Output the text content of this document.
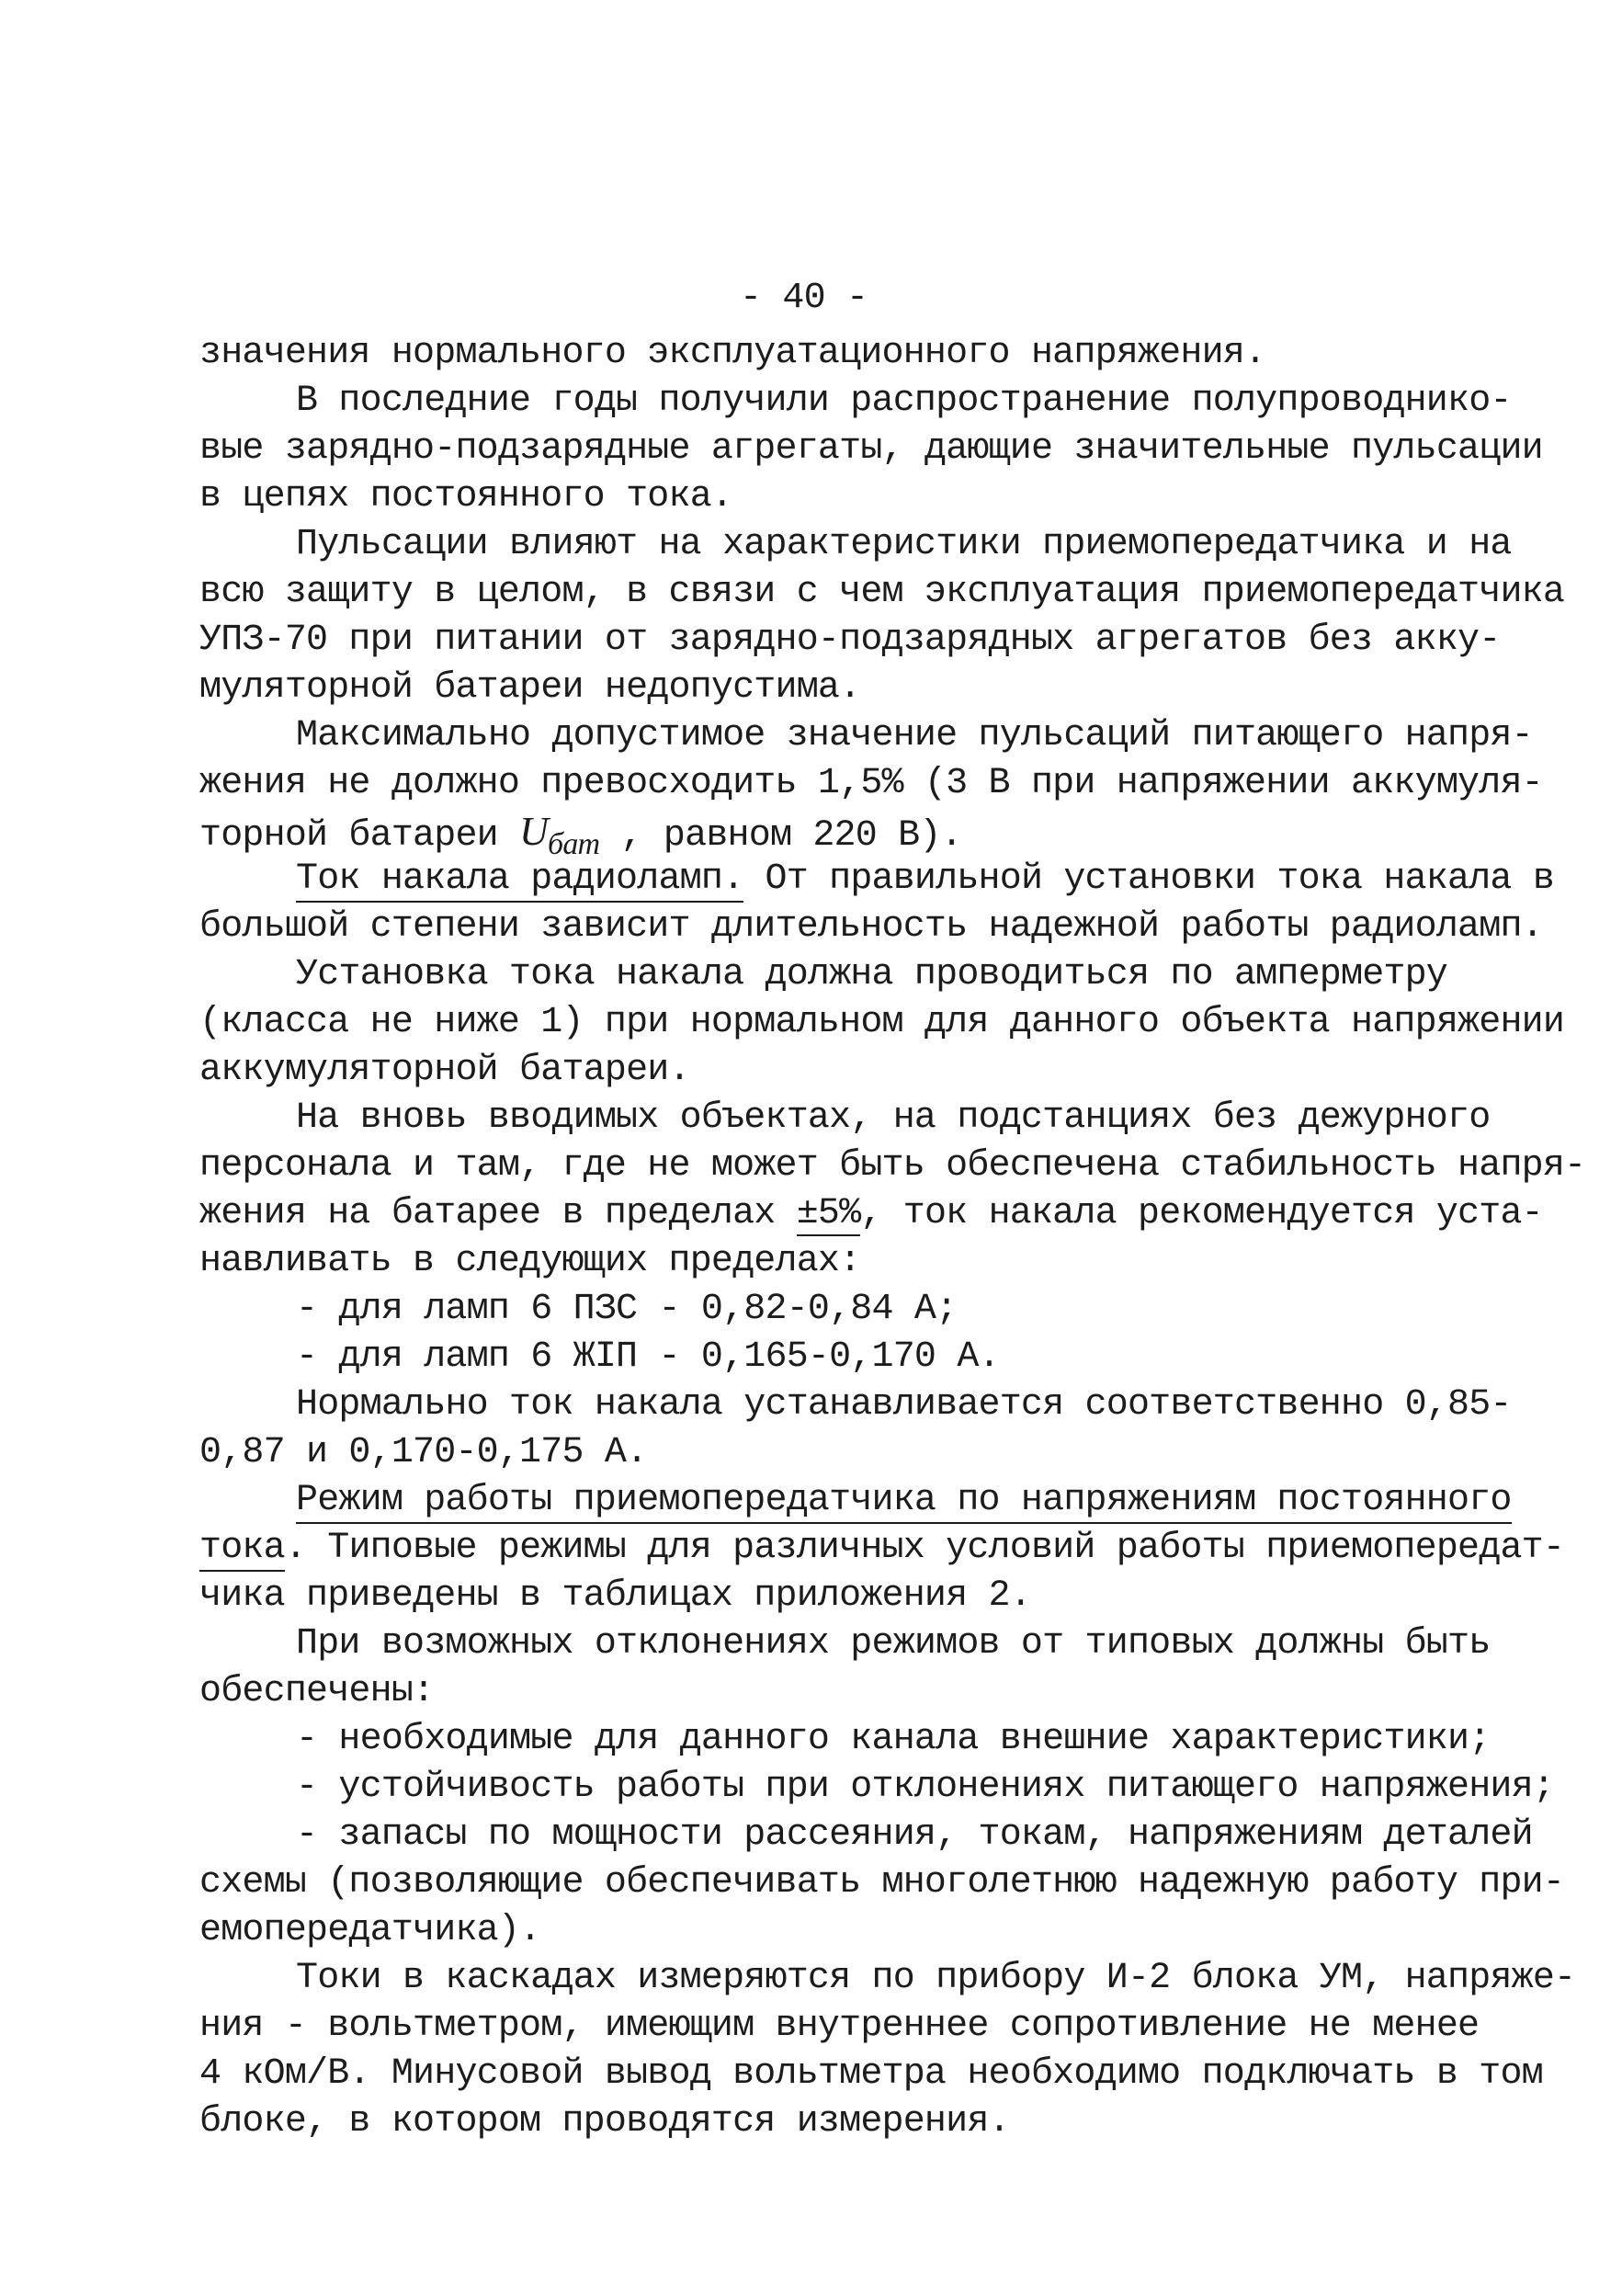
- 40 -

значения нормального эксплуатационного напряжения.

В последние годы получили распространение полупроводнико-

вые зарядно-подзарядные агрегаты, дающие значительные пульсации

в цепях постоянного тока.

Пульсации влияют на характеристики приемопередатчика и на

всю защиту в целом, в связи с чем эксплуатация приемопередатчика

УПЗ-70 при питании от зарядно-подзарядных агрегатов без акку-

муляторной батареи недопустима.

Максимально допустимое значение пульсаций питающего напря-

жения не должно превосходить 1,5% (3 В при напряжении аккумуля-

торной батареи $U_{бат}$ , равном 220 В).

Ток накала радиоламп. От правильной установки тока накала в

большой степени зависит длительность надежной работы радиоламп.

Установка тока накала должна проводиться по амперметру

(класса не ниже 1) при нормальном для данного объекта напряжении

аккумуляторной батареи.

На вновь вводимых объектах, на подстанциях без дежурного

персонала и там, где не может быть обеспечена стабильность напря-

жения на батарее в пределах ±5%, ток накала рекомендуется уста-

навливать в следующих пределах:

- для ламп 6 ПЗС - 0,82-0,84 А;

- для ламп 6 ЖIП - 0,165-0,170 А.

Нормально ток накала устанавливается соответственно 0,85-

0,87 и 0,170-0,175 А.

Режим работы приемопередатчика по напряжениям постоянного

тока. Типовые режимы для различных условий работы приемопередат-

чика приведены в таблицах приложения 2.

При возможных отклонениях режимов от типовых должны быть

обеспечены:

- необходимые для данного канала внешние характеристики;

- устойчивость работы при отклонениях питающего напряжения;

- запасы по мощности рассеяния, токам, напряжениям деталей

схемы (позволяющие обеспечивать многолетнюю надежную работу при-

емопередатчика).

Токи в каскадах измеряются по прибору И-2 блока УМ, напряже-

ния - вольтметром, имеющим внутреннее сопротивление не менее

4 кОм/В. Минусовой вывод вольтметра необходимо подключать в том

блоке, в котором проводятся измерения.
